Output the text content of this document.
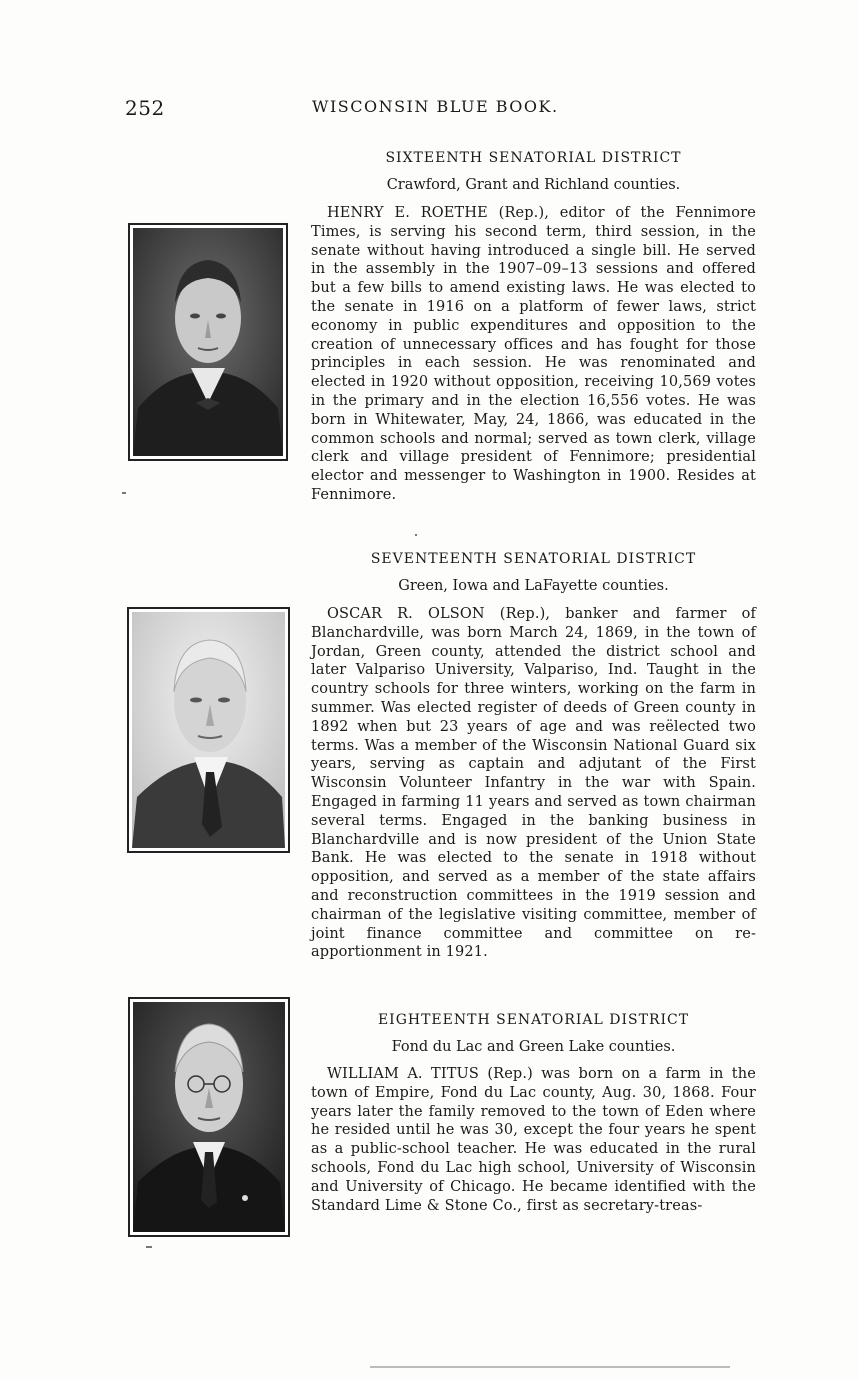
252	WISCONSIN BLUE BOOK.
SIXTEENTH SENATORIAL DISTRICT
Crawford, Grant and Richland counties.
HENRY E. ROETHE (Rep.), editor of the Fennimore Times, is serving his second term, third session, in the senate without having introduced a single bill. He served in the assembly in the 1907–09–13 sessions and offered but a few bills to amend existing laws. He was elected to the senate in 1916 on a platform of fewer laws, strict economy in public expenditures and opposition to the creation of unnecessary offices and has fought for those principles in each session. He was renominated and elected in 1920 without opposition, receiving 10,569 votes in the primary and in the election 16,556 votes. He was born in Whitewater, May, 24, 1866, was educated in the common schools and normal; served as town clerk, village clerk and village president of Fennimore; presidential elector and messenger to Washington in 1900. Resides at Fennimore.
SEVENTEENTH SENATORIAL DISTRICT
Green, Iowa and LaFayette counties.
OSCAR R. OLSON (Rep.), banker and farmer of Blanchardville, was born March 24, 1869, in the town of Jordan, Green county, attended the district school and later Valpariso University, Valpariso, Ind. Taught in the country schools for three winters, working on the farm in summer. Was elected register of deeds of Green county in 1892 when but 23 years of age and was reëlected two terms. Was a member of the Wisconsin National Guard six years, serving as captain and adjutant of the First Wisconsin Volunteer Infantry in the war with Spain. Engaged in farming 11 years and served as town chairman several terms. Engaged in the banking business in Blanchardville and is now president of the Union State Bank. He was elected to the senate in 1918 without opposition, and served as a member of the state affairs and reconstruction committees in the 1919 session and chairman of the legislative visiting committee, member of joint finance committee and committee on re-apportionment in 1921.
EIGHTEENTH SENATORIAL DISTRICT
Fond du Lac and Green Lake counties.
WILLIAM A. TITUS (Rep.) was born on a farm in the town of Empire, Fond du Lac county, Aug. 30, 1868. Four years later the family removed to the town of Eden where he resided until he was 30, except the four years he spent as a public-school teacher. He was educated in the rural schools, Fond du Lac high school, University of Wisconsin and University of Chicago. He became identified with the Standard Lime & Stone Co., first as secretary-treas-
